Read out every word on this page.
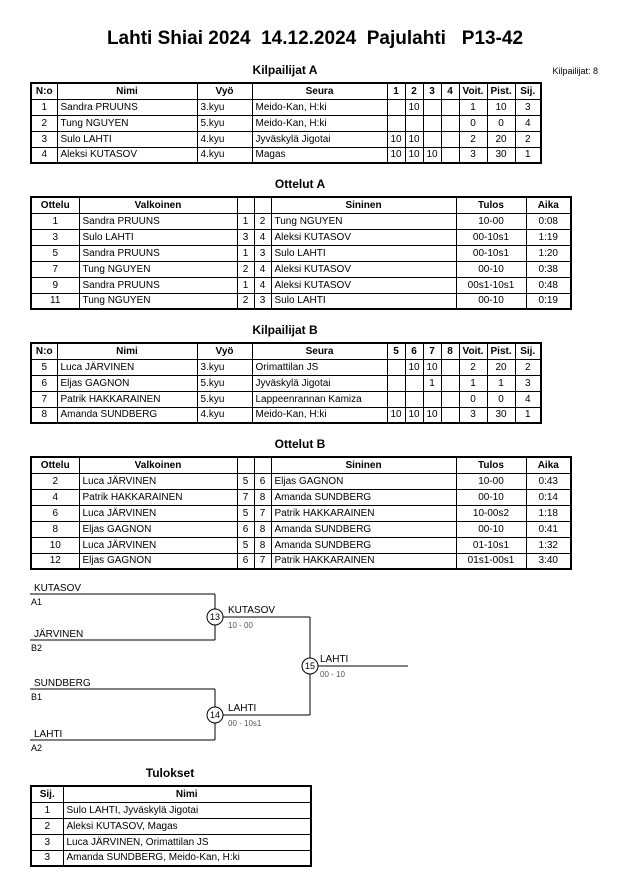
Lahti Shiai 2024  14.12.2024  Pajulahti   P13-42
Kilpailijat A	Kilpailijat: 8
N:o	Nimi	Vyö	Seura	1	2	3	4	Voit.	Pist.	Sij.
1	Sandra PRUUNS	3.kyu	Meido-Kan, H:ki		10			1	10	3
2	Tung NGUYEN	5.kyu	Meido-Kan, H:ki					0	0	4
3	Sulo LAHTI	4.kyu	Jyväskylä Jigotai	10	10			2	20	2
4	Aleksi KUTASOV	4.kyu	Magas	10	10	10		3	30	1
Ottelut A
Ottelu	Valkoinen			Sininen	Tulos	Aika
1	Sandra PRUUNS	1	2	Tung NGUYEN	10-00	0:08
3	Sulo LAHTI	3	4	Aleksi KUTASOV	00-10s1	1:19
5	Sandra PRUUNS	1	3	Sulo LAHTI	00-10s1	1:20
7	Tung NGUYEN	2	4	Aleksi KUTASOV	00-10	0:38
9	Sandra PRUUNS	1	4	Aleksi KUTASOV	00s1-10s1	0:48
11	Tung NGUYEN	2	3	Sulo LAHTI	00-10	0:19
Kilpailijat B
N:o	Nimi	Vyö	Seura	5	6	7	8	Voit.	Pist.	Sij.
5	Luca JÄRVINEN	3.kyu	Orimattilan JS		10	10		2	20	2
6	Eljas GAGNON	5.kyu	Jyväskylä Jigotai			1		1	1	3
7	Patrik HAKKARAINEN	5.kyu	Lappeenrannan Kamiza					0	0	4
8	Amanda SUNDBERG	4.kyu	Meido-Kan, H:ki	10	10	10		3	30	1
Ottelut B
Ottelu	Valkoinen			Sininen	Tulos	Aika
2	Luca JÄRVINEN	5	6	Eljas GAGNON	10-00	0:43
4	Patrik HAKKARAINEN	7	8	Amanda SUNDBERG	00-10	0:14
6	Luca JÄRVINEN	5	7	Patrik HAKKARAINEN	10-00s2	1:18
8	Eljas GAGNON	6	8	Amanda SUNDBERG	00-10	0:41
10	Luca JÄRVINEN	5	8	Amanda SUNDBERG	01-10s1	1:32
12	Eljas GAGNON	6	7	Patrik HAKKARAINEN	01s1-00s1	3:40
KUTASOV
A1
JÄRVINEN
B2
13
KUTASOV
10 - 00
SUNDBERG
B1
LAHTI
A2
14
LAHTI
00 - 10s1
15
LAHTI
00 - 10
Tulokset
Sij.	Nimi
1	Sulo LAHTI, Jyväskylä Jigotai
2	Aleksi KUTASOV, Magas
3	Luca JÄRVINEN, Orimattilan JS
3	Amanda SUNDBERG, Meido-Kan, H:ki
